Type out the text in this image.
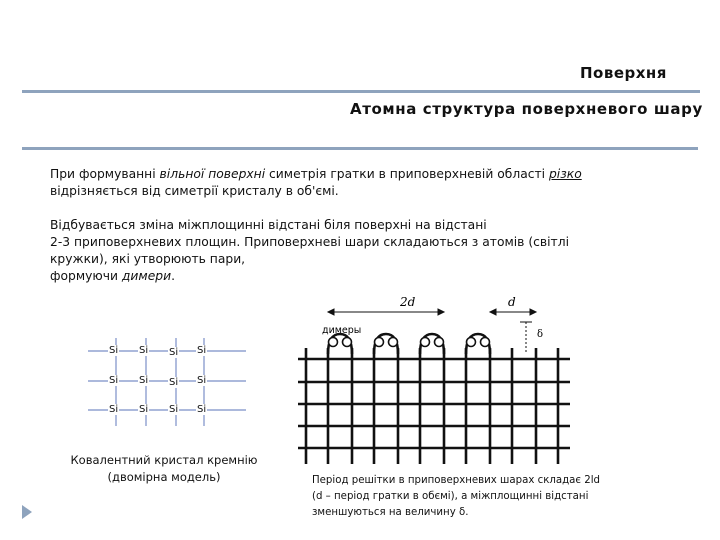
Поверхня
Атомна структура поверхневого шару

При формуванні вільної поверхні симетрія гратки в приповерхневій області різко відрізняється від симетрії кристалу в об'ємі.

Відбувається зміна міжплощинні відстані біля поверхні на відстані

2-3 приповерхневих площин. Приповерхневі шари складаються з атомів (світлі кружки), які утворюють пари,

формуючи димери.

Si Si Si Si
Si Si Si Si
Si Si Si Si
Ковалентний кристал кремнію
(двомірна модель)
2d	d
димеры	δ
Період решітки в приповерхневих шарах складає 2ld
(d – період гратки в обємі), а міжплощинні відстані
зменшуються на величину δ.
